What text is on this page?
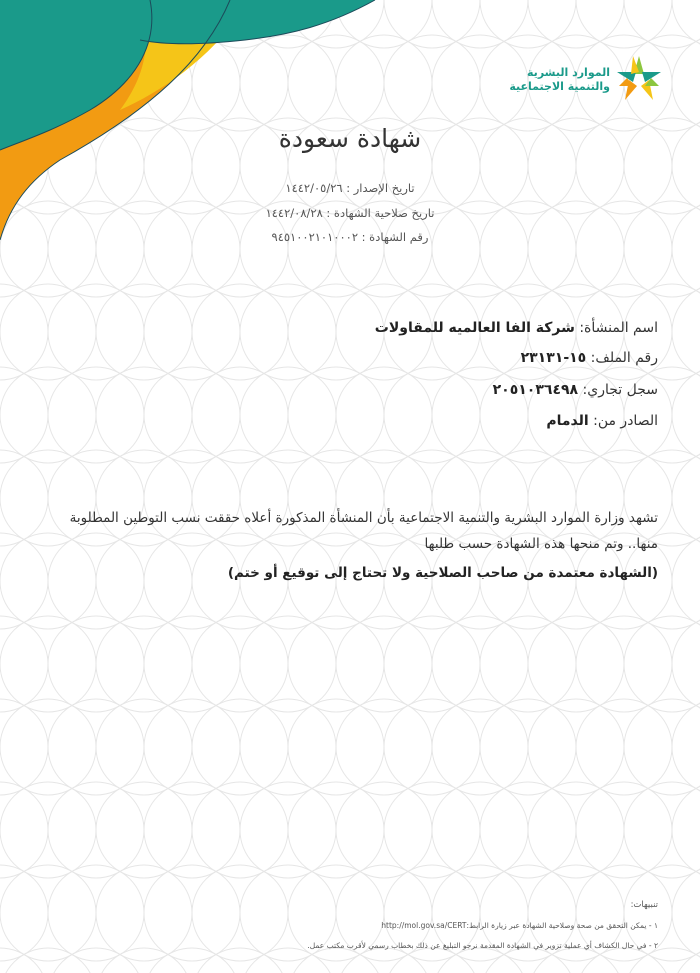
الموارد البشرية
والتنمية الاجتماعية
شهادة سعودة
تاريخ الإصدار : ١٤٤٢/٠٥/٢٦
تاريخ صلاحية الشهادة : ١٤٤٢/٠٨/٢٨
رقم الشهادة : ٩٤٥١٠٠٢١٠١٠٠٠٢
اسم المنشأة: شركة الفا العالميه للمقاولات
رقم الملف: ١٥-٢٣١٣١
سجل تجاري: ٢٠٥١٠٣٦٤٩٨
الصادر من: الدمام
تشهد وزارة الموارد البشرية والتنمية الاجتماعية بأن المنشأة المذكورة أعلاه حققت نسب التوطين المطلوبة منها.. وتم منحها هذه الشهادة حسب طلبها
(الشهادة معتمدة من صاحب الصلاحية ولا تحتاج إلى توقيع أو ختم)
تنبيهات:
١ - يمكن التحقق من صحة وصلاحية الشهادة عبر زيارة الرابط:http://mol.gov.sa/CERT
٢ - في حال الكشاف أي عملية تزوير في الشهادة المقدمة نرجو التبليغ عن ذلك بخطاب رسمي لأقرب مكتب عمل.
